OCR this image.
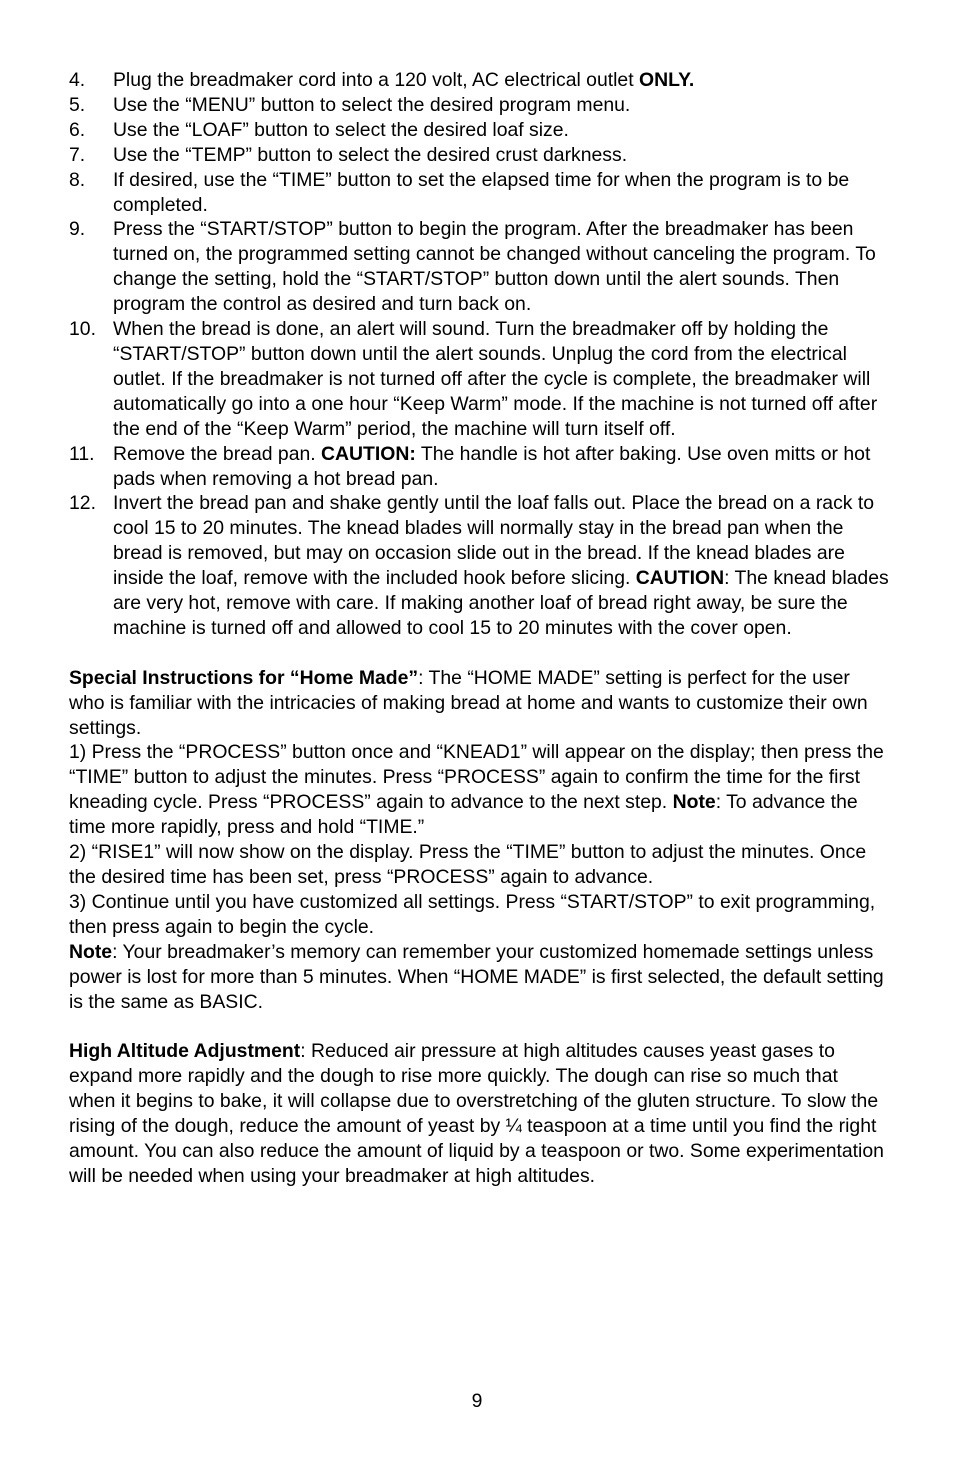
4.	Plug the breadmaker cord into a 120 volt, AC electrical outlet ONLY.
5.	Use the “MENU” button to select the desired program menu.
6.	Use the “LOAF” button to select the desired loaf size.
7.	Use the “TEMP” button to select the desired crust darkness.
8.	If desired, use the “TIME” button to set the elapsed time for when the program is to be completed.
9.	Press the “START/STOP” button to begin the program. After the breadmaker has been turned on, the programmed setting cannot be changed without canceling the program. To change the setting, hold the “START/STOP” button down until the alert sounds. Then program the control as desired and turn back on.
10. When the bread is done, an alert will sound. Turn the breadmaker off by holding the “START/STOP” button down until the alert sounds. Unplug the cord from the electrical outlet. If the breadmaker is not turned off after the cycle is complete, the breadmaker will automatically go into a one hour “Keep Warm” mode. If the machine is not turned off after the end of the “Keep Warm” period, the machine will turn itself off.
11. Remove the bread pan. CAUTION: The handle is hot after baking. Use oven mitts or hot pads when removing a hot bread pan.
12. Invert the bread pan and shake gently until the loaf falls out. Place the bread on a rack to cool 15 to 20 minutes. The knead blades will normally stay in the bread pan when the bread is removed, but may on occasion slide out in the bread. If the knead blades are inside the loaf, remove with the included hook before slicing. CAUTION: The knead blades are very hot, remove with care. If making another loaf of bread right away, be sure the machine is turned off and allowed to cool 15 to 20 minutes with the cover open.

Special Instructions for “Home Made”: The “HOME MADE” setting is perfect for the user who is familiar with the intricacies of making bread at home and wants to customize their own settings.

1) Press the “PROCESS” button once and “KNEAD1” will appear on the display; then press the “TIME” button to adjust the minutes. Press “PROCESS” again to confirm the time for the first kneading cycle. Press “PROCESS” again to advance to the next step. Note: To advance the time more rapidly, press and hold “TIME.”

2) “RISE1” will now show on the display. Press the “TIME” button to adjust the minutes. Once the desired time has been set, press “PROCESS” again to advance.

3) Continue until you have customized all settings. Press “START/STOP” to exit programming, then press again to begin the cycle.

Note: Your breadmaker’s memory can remember your customized homemade settings unless power is lost for more than 5 minutes. When “HOME MADE” is first selected, the default setting is the same as BASIC.

High Altitude Adjustment: Reduced air pressure at high altitudes causes yeast gases to expand more rapidly and the dough to rise more quickly. The dough can rise so much that when it begins to bake, it will collapse due to overstretching of the gluten structure. To slow the rising of the dough, reduce the amount of yeast by ¼ teaspoon at a time until you find the right amount. You can also reduce the amount of liquid by a teaspoon or two. Some experimentation will be needed when using your breadmaker at high altitudes.

9
